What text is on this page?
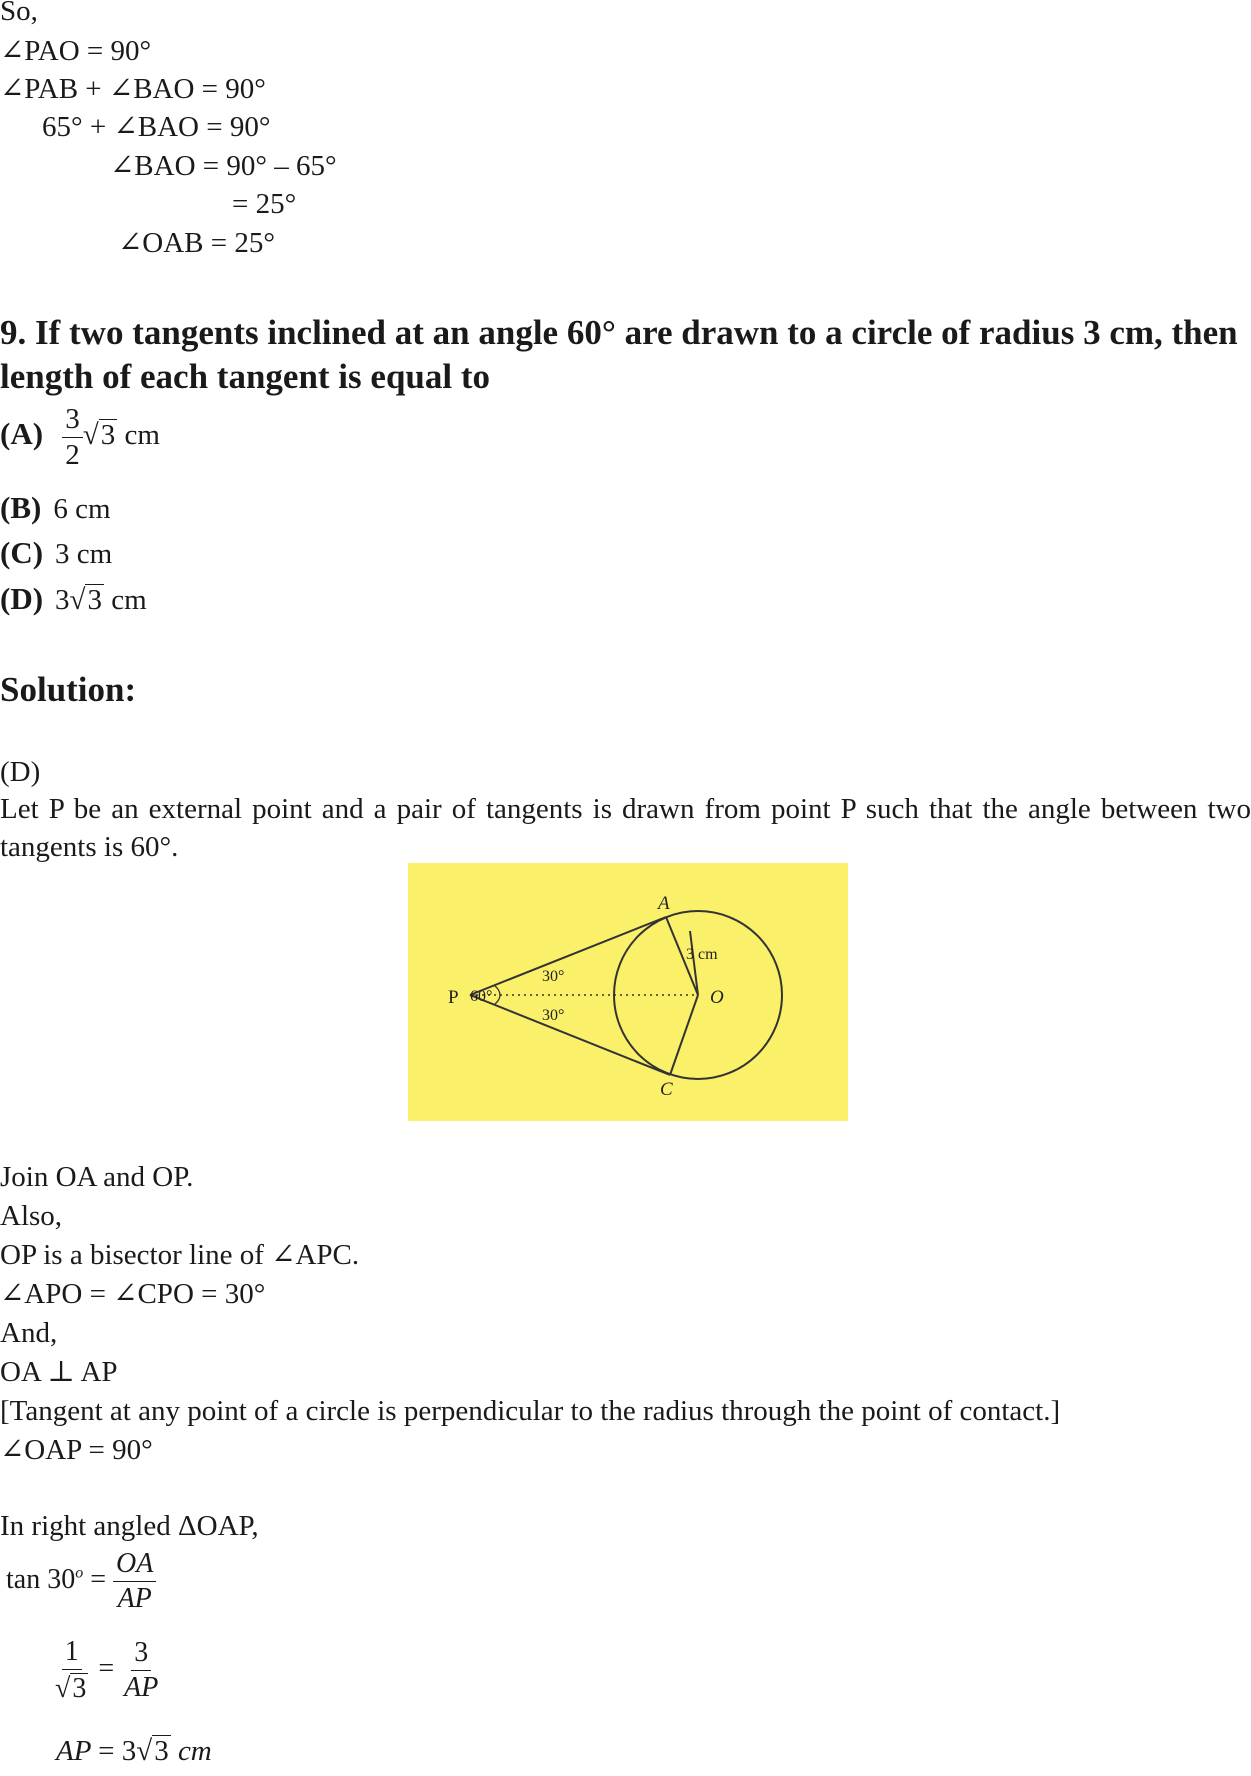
So,
∠PAO = 90°
∠PAB + ∠BAO = 90°
65° + ∠BAO = 90°
∠BAO = 90° – 65°
= 25°
∠OAB = 25°
9. If two tangents inclined at an angle 60° are drawn to a circle of radius 3 cm, then length of each tangent is equal to
$(A) \frac{3}{2} √3$ cm
(B) 6 cm
(C) 3 cm
(D) 3√3 cm
Solution:
(D)
Let P be an external point and a pair of tangents is drawn from point P such that the angle between two tangents is 60°.
A
C
P	O
3 cm
60°
30°
30°
Join OA and OP.
Also,
OP is a bisector line of ∠APC.
∠APO = ∠CPO = 30°
And,
OA ⊥ AP
[Tangent at any point of a circle is perpendicular to the radius through the point of contact.]
∠OAP = 90°
In right angled ΔOAP,
$\tan 30^o = \frac{OA}{AP}$
$\frac{1}{√3} = \frac{3}{AP}$
AP = 3√3 cm
